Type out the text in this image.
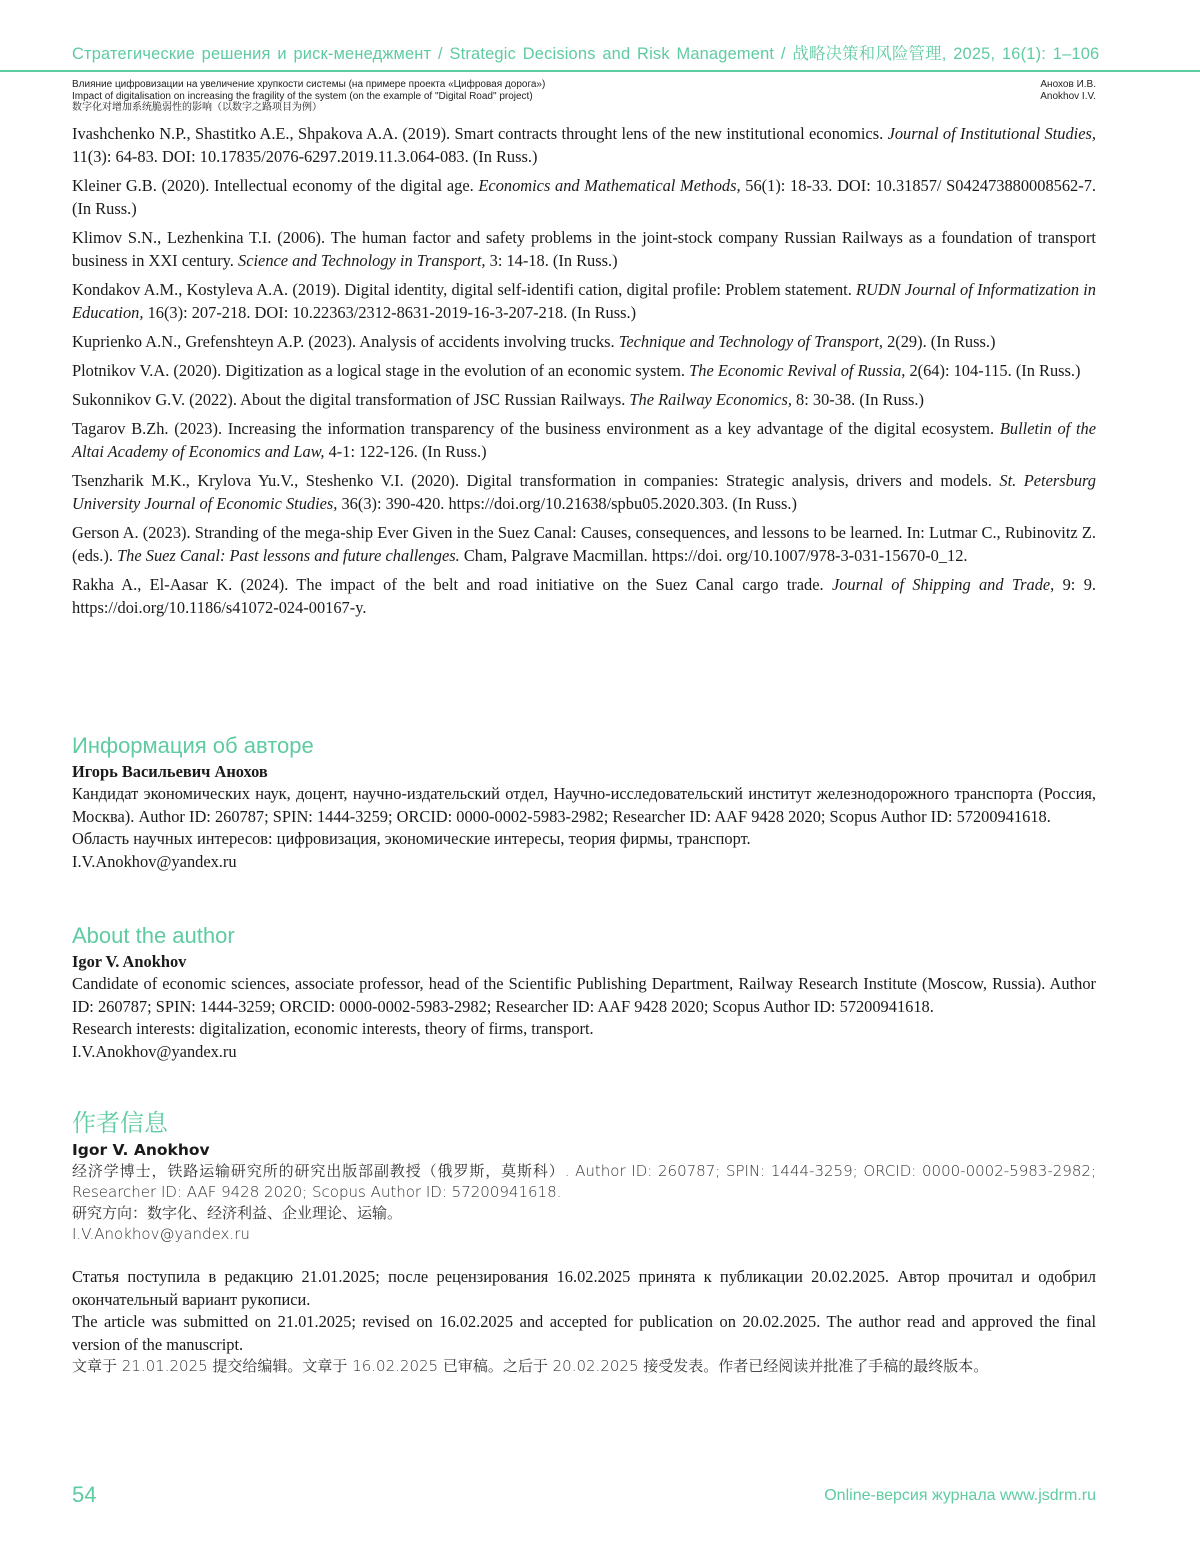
Стратегические решения и риск-менеджмент / Strategic Decisions and Risk Management / 战略决策和风险管理, 2025, 16(1): 1–106
Влияние цифровизации на увеличение хрупкости системы (на примере проекта «Цифровая дорога»)
Impact of digitalisation on increasing the fragility of the system (on the example of "Digital Road" project)
数字化对增加系统脆弱性的影响（以数字之路项目为例）
Анохов И.В.
Anokhov I.V.

Ivashchenko N.P., Shastitko A.E., Shpakova A.A. (2019). Smart contracts throught lens of the new institutional economics. Journal of Institutional Studies, 11(3): 64-83. DOI: 10.17835/2076-6297.2019.11.3.064-083. (In Russ.)

Kleiner G.B. (2020). Intellectual economy of the digital age. Economics and Mathematical Methods, 56(1): 18-33. DOI: 10.31857/ S042473880008562-7. (In Russ.)

Klimov S.N., Lezhenkina T.I. (2006). The human factor and safety problems in the joint-stock company Russian Railways as a foundation of transport business in XXI century. Science and Technology in Transport, 3: 14-18. (In Russ.)

Kondakov A.M., Kostyleva A.A. (2019). Digital identity, digital self-identifi cation, digital profile: Problem statement. RUDN Journal of Informatization in Education, 16(3): 207-218. DOI: 10.22363/2312-8631-2019-16-3-207-218. (In Russ.)

Kuprienko A.N., Grefenshteyn A.P. (2023). Analysis of accidents involving trucks. Technique and Technology of Transport, 2(29). (In Russ.)

Plotnikov V.A. (2020). Digitization as a logical stage in the evolution of an economic system. The Economic Revival of Russia, 2(64): 104-115. (In Russ.)

Sukonnikov G.V. (2022). About the digital transformation of JSC Russian Railways. The Railway Economics, 8: 30-38. (In Russ.)

Tagarov B.Zh. (2023). Increasing the information transparency of the business environment as a key advantage of the digital ecosystem. Bulletin of the Altai Academy of Economics and Law, 4-1: 122-126. (In Russ.)

Tsenzharik M.K., Krylova Yu.V., Steshenko V.I. (2020). Digital transformation in companies: Strategic analysis, drivers and models. St. Petersburg University Journal of Economic Studies, 36(3): 390-420. https://doi.org/10.21638/spbu05.2020.303. (In Russ.)

Gerson A. (2023). Stranding of the mega-ship Ever Given in the Suez Canal: Causes, consequences, and lessons to be learned. In: Lutmar C., Rubinovitz Z. (eds.). The Suez Canal: Past lessons and future challenges. Cham, Palgrave Macmillan. https://doi. org/10.1007/978-3-031-15670-0_12.

Rakha A., El-Aasar K. (2024). The impact of the belt and road initiative on the Suez Canal cargo trade. Journal of Shipping and Trade, 9: 9. https://doi.org/10.1186/s41072-024-00167-y.

Информация об авторе

Игорь Васильевич Анохов

Кандидат экономических наук, доцент, научно-издательский отдел, Научно-исследовательский институт железнодорожного транспорта (Россия, Москва). Author ID: 260787; SPIN: 1444-3259; ORCID: 0000-0002-5983-2982; Researcher ID: AAF 9428 2020; Scopus Author ID: 57200941618.

Область научных интересов: цифровизация, экономические интересы, теория фирмы, транспорт.

I.V.Anokhov@yandex.ru

About the author

Igor V. Anokhov

Candidate of economic sciences, associate professor, head of the Scientific Publishing Department, Railway Research Institute (Moscow, Russia). Author ID: 260787; SPIN: 1444-3259; ORCID: 0000-0002-5983-2982; Researcher ID: AAF 9428 2020; Scopus Author ID: 57200941618.

Research interests: digitalization, economic interests, theory of firms, transport.

I.V.Anokhov@yandex.ru

作者信息

Igor V. Anokhov

经济学博士，铁路运输研究所的研究出版部副教授（俄罗斯，莫斯科）. Author ID: 260787; SPIN: 1444-3259; ORCID: 0000-0002-5983-2982; Researcher ID: AAF 9428 2020; Scopus Author ID: 57200941618.

研究方向：数字化、经济利益、企业理论、运输。

I.V.Anokhov@yandex.ru

Статья поступила в редакцию 21.01.2025; после рецензирования 16.02.2025 принята к публикации 20.02.2025. Автор прочитал и одобрил окончательный вариант рукописи.

The article was submitted on 21.01.2025; revised on 16.02.2025 and accepted for publication on 20.02.2025. The author read and approved the final version of the manuscript.

文章于 21.01.2025 提交给编辑。文章于 16.02.2025 已审稿。之后于 20.02.2025 接受发表。作者已经阅读并批准了手稿的最终版本。

54	Online-версия журнала www.jsdrm.ru
